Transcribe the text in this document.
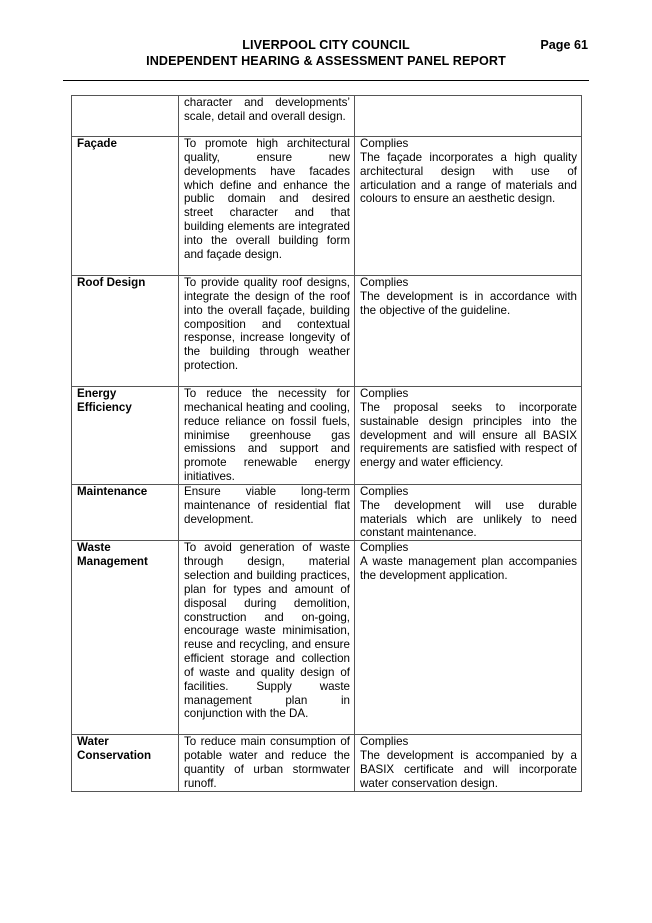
LIVERPOOL CITY COUNCIL	Page 61
INDEPENDENT HEARING & ASSESSMENT PANEL REPORT

	character and developments’ scale, detail and overall design.	

Façade	To promote high architectural quality, ensure new developments have facades which define and enhance the public domain and desired street character and that building elements are integrated into the overall building form and façade design.	Complies
The façade incorporates a high quality architectural design with use of articulation and a range of materials and colours to ensure an aesthetic design.

Roof Design	To provide quality roof designs, integrate the design of the roof into the overall façade, building composition and contextual response, increase longevity of the building through weather protection.	Complies
The development is in accordance with the objective of the guideline.

Energy Efficiency	To reduce the necessity for mechanical heating and cooling, reduce reliance on fossil fuels, minimise greenhouse gas emissions and support and promote renewable energy initiatives.	Complies
The proposal seeks to incorporate sustainable design principles into the development and will ensure all BASIX requirements are satisfied with respect of energy and water efficiency.

Maintenance	Ensure viable long-term maintenance of residential flat development.	Complies
The development will use durable materials which are unlikely to need constant maintenance.

Waste Management	To avoid generation of waste through design, material selection and building practices, plan for types and amount of disposal during demolition, construction and on-going, encourage waste minimisation, reuse and recycling, and ensure efficient storage and collection of waste and quality design of facilities. Supply waste management plan in conjunction with the DA.	Complies
A waste management plan accompanies the development application.

Water Conservation	To reduce main consumption of potable water and reduce the quantity of urban stormwater runoff.	Complies
The development is accompanied by a BASIX certificate and will incorporate water conservation design.
